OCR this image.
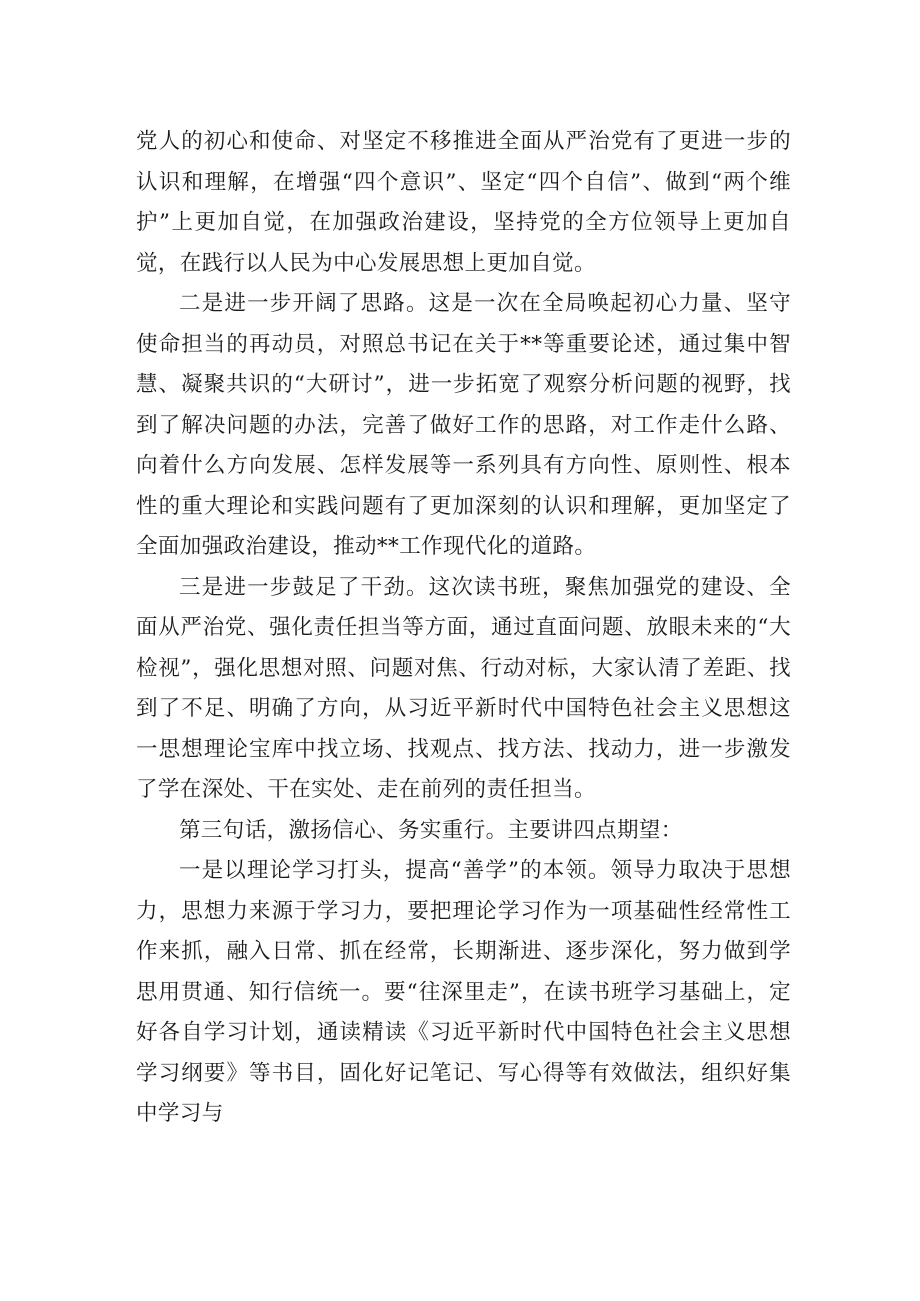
党人的初心和使命、对坚定不移推进全面从严治党有了更进一步的认识和理解，在增强“四个意识”、坚定“四个自信”、做到“两个维护”上更加自觉，在加强政治建设，坚持党的全方位领导上更加自觉，在践行以人民为中心发展思想上更加自觉。

二是进一步开阔了思路。这是一次在全局唤起初心力量、坚守使命担当的再动员，对照总书记在关于**等重要论述，通过集中智慧、凝聚共识的“大研讨”，进一步拓宽了观察分析问题的视野，找到了解决问题的办法，完善了做好工作的思路，对工作走什么路、向着什么方向发展、怎样发展等一系列具有方向性、原则性、根本性的重大理论和实践问题有了更加深刻的认识和理解，更加坚定了全面加强政治建设，推动**工作现代化的道路。

三是进一步鼓足了干劲。这次读书班，聚焦加强党的建设、全面从严治党、强化责任担当等方面，通过直面问题、放眼未来的“大检视”，强化思想对照、问题对焦、行动对标，大家认清了差距、找到了不足、明确了方向，从习近平新时代中国特色社会主义思想这一思想理论宝库中找立场、找观点、找方法、找动力，进一步激发了学在深处、干在实处、走在前列的责任担当。

第三句话，激扬信心、务实重行。主要讲四点期望：

一是以理论学习打头，提高“善学”的本领。领导力取决于思想力，思想力来源于学习力，要把理论学习作为一项基础性经常性工作来抓，融入日常、抓在经常，长期渐进、逐步深化，努力做到学思用贯通、知行信统一。要“往深里走”，在读书班学习基础上，定好各自学习计划，通读精读《习近平新时代中国特色社会主义思想学习纲要》等书目，固化好记笔记、写心得等有效做法，组织好集中学习与
